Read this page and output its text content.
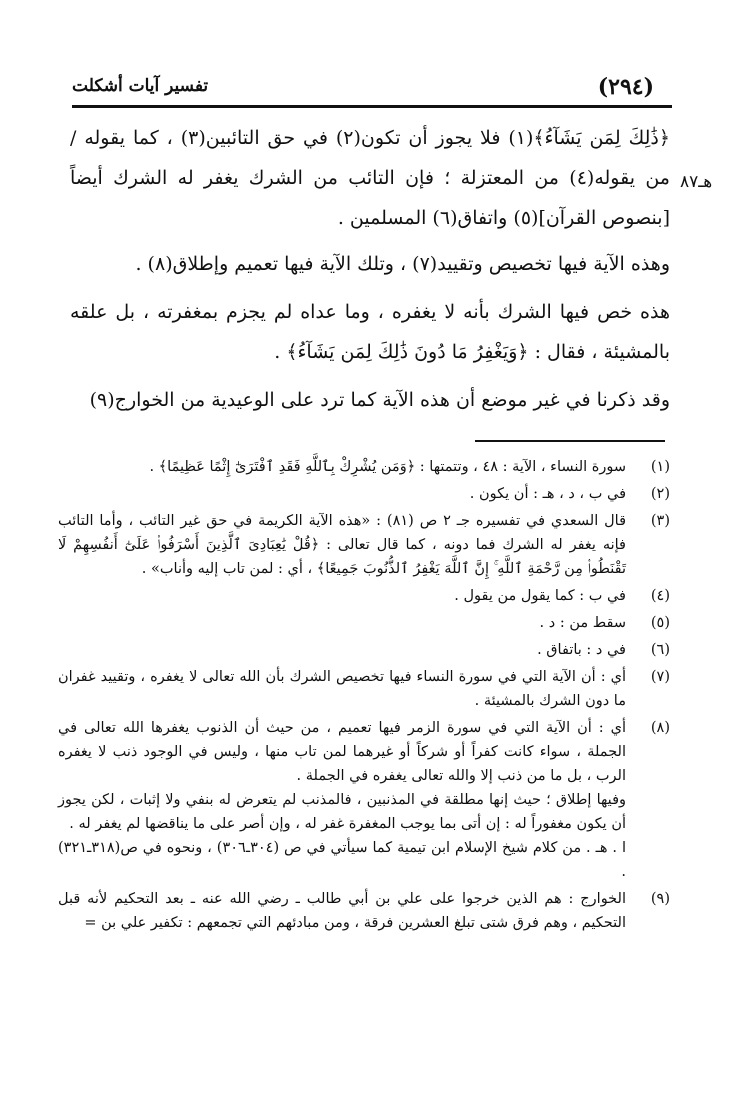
(٢٩٤)
تفسير آيات أشكلت
هـ٨٧

﴿ذَٰلِكَ لِمَن يَشَآءُ﴾(١) فلا يجوز أن تكون(٢) في حق التائبين(٣) ، كما يقوله / من يقوله(٤) من المعتزلة ؛ فإن التائب من الشرك يغفر له الشرك أيضاً [بنصوص القرآن](٥) واتفاق(٦) المسلمين .

وهذه الآية فيها تخصيص وتقييد(٧) ، وتلك الآية فيها تعميم وإطلاق(٨) .

هذه خص فيها الشرك بأنه لا يغفره ، وما عداه لم يجزم بمغفرته ، بل علقه بالمشيئة ، فقال : ﴿وَيَغْفِرُ مَا دُونَ ذَٰلِكَ لِمَن يَشَآءُ﴾ .

وقد ذكرنا في غير موضع أن هذه الآية كما ترد على الوعيدية من الخوارج(٩)

(١)
سورة النساء ، الآية : ٤٨ ، وتتمتها : ﴿وَمَن يُشْرِكْ بِٱللَّهِ فَقَدِ ٱفْتَرَىٰٓ إِثْمًا عَظِيمًا﴾ .
(٢)
في ب ، د ، هـ : أن يكون .
(٣)
قال السعدي في تفسيره جـ ٢ ص (٨١) : «هذه الآية الكريمة في حق غير التائب ، وأما التائب فإنه يغفر له الشرك فما دونه ، كما قال تعالى : ﴿قُلْ يَٰعِبَادِىَ ٱلَّذِينَ أَسْرَفُوا۟ عَلَىٰٓ أَنفُسِهِمْ لَا تَقْنَطُوا۟ مِن رَّحْمَةِ ٱللَّهِ ۚ إِنَّ ٱللَّهَ يَغْفِرُ ٱلذُّنُوبَ جَمِيعًا﴾ ، أي : لمن تاب إليه وأناب» .
(٤)
في ب : كما يقول من يقول .
(٥)
سقط من : د .
(٦)
في د : باتفاق .
(٧)
أي : أن الآية التي في سورة النساء فيها تخصيص الشرك بأن الله تعالى لا يغفره ، وتقييد غفران ما دون الشرك بالمشيئة .
(٨)
أي : أن الآية التي في سورة الزمر فيها تعميم ، من حيث أن الذنوب يغفرها الله تعالى في الجملة ، سواء كانت كفراً أو شركاً أو غيرهما لمن تاب منها ، وليس في الوجود ذنب لا يغفره الرب ، بل ما من ذنب إلا والله تعالى يغفره في الجملة .
وفيها إطلاق ؛ حيث إنها مطلقة في المذنبين ، فالمذنب لم يتعرض له بنفي ولا إثبات ، لكن يجوز أن يكون مغفوراً له : إن أتى بما يوجب المغفرة غفر له ، وإن أصر على ما يناقضها لم يغفر له .
ا . هـ . من كلام شيخ الإسلام ابن تيمية كما سيأتي في ص (٣٠٤ـ٣٠٦) ، ونحوه في ص(٣١٨ـ٣٢١) .
(٩)
الخوارج : هم الذين خرجوا على علي بن أبي طالب ـ رضي الله عنه ـ بعد التحكيم لأنه قبل التحكيم ، وهم فرق شتى تبلغ العشرين فرقة ، ومن مبادئهم التي تجمعهم : تكفير علي بن =
